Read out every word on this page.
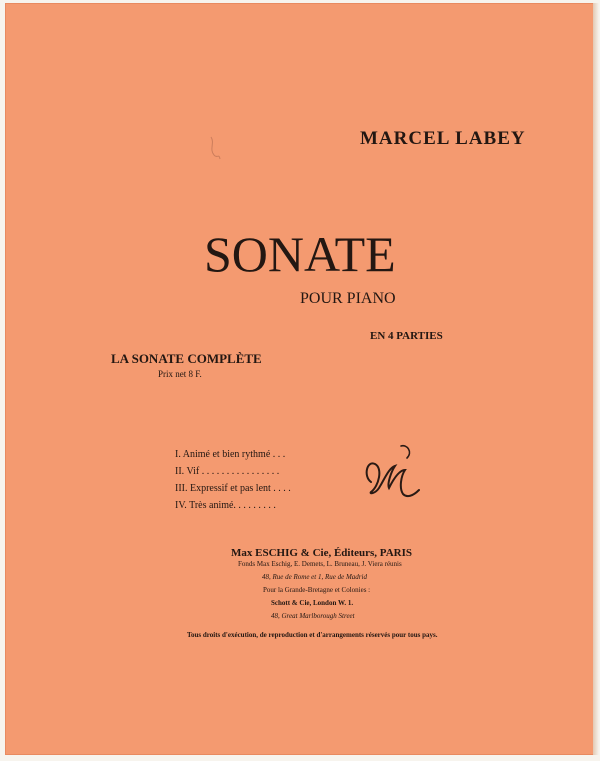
MARCEL LABEY
SONATE
POUR PIANO
EN 4 PARTIES
LA SONATE COMPLÈTE
Prix net 8 F.
I. Animé et bien rythmé . . .
II. Vif . . . . . . . . . . . . . . . .
III. Expressif et pas lent . . . .
IV. Très animé. . . . . . . . .
Max ESCHIG & Cie, Éditeurs, PARIS
Fonds Max Eschig, E. Demets, L. Bruneau, J. Viera réunis
48, Rue de Rome et 1, Rue de Madrid
Pour la Grande-Bretagne et Colonies :
Schott & Cie, London W. 1.
48, Great Marlborough Street
Tous droits d'exécution, de reproduction et d'arrangements réservés pour tous pays.
